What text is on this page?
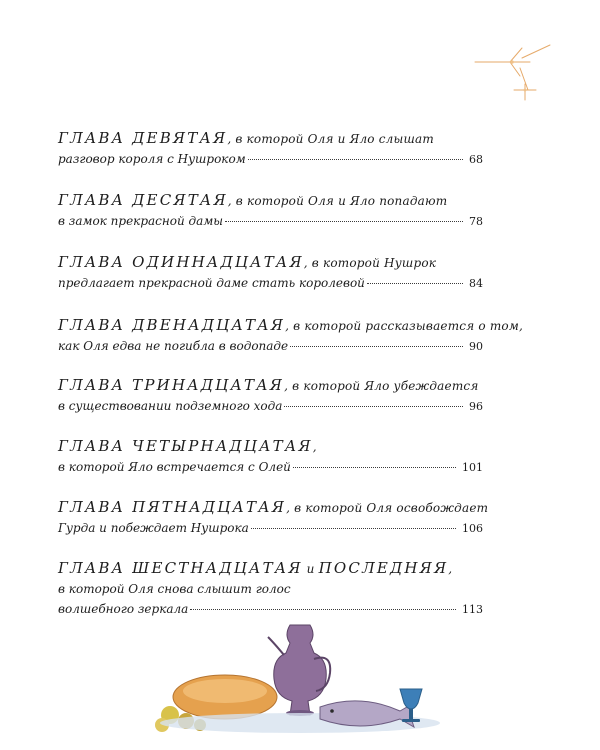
ГЛАВА ДЕВЯТАЯ, в которой Оля и Яло слышат
разговор короля с Нушроком	68
ГЛАВА ДЕСЯТАЯ, в которой Оля и Яло попадают
в замок прекрасной дамы	78
ГЛАВА ОДИННАДЦАТАЯ, в которой Нушрок
предлагает прекрасной даме стать королевой	84
ГЛАВА ДВЕНАДЦАТАЯ, в которой рассказывается о том,
как Оля едва не погибла в водопаде	90
ГЛАВА ТРИНАДЦАТАЯ, в которой Яло убеждается
в существовании подземного хода	96
ГЛАВА ЧЕТЫРНАДЦАТАЯ,
в которой Яло встречается с Олей	101
ГЛАВА ПЯТНАДЦАТАЯ, в которой Оля освобождает
Гурда и побеждает Нушрока	106
ГЛАВА ШЕСТНАДЦАТАЯ и ПОСЛЕДНЯЯ,
в которой Оля снова слышит голос
волшебного зеркала	113
